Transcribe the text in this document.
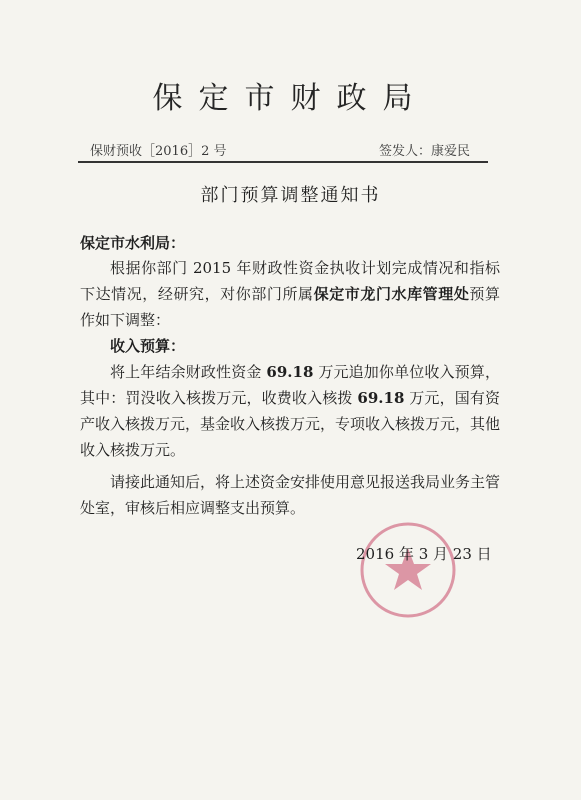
保定市财政局
保财预收［2016］2 号	签发人：康爱民
部门预算调整通知书
保定市水利局：

根据你部门 2015 年财政性资金执收计划完成情况和指标下达情况，经研究，对你部门所属保定市龙门水库管理处预算作如下调整：

收入预算：

将上年结余财政性资金 69.18 万元追加你单位收入预算，其中：罚没收入核拨万元，收费收入核拨 69.18 万元，国有资产收入核拨万元，基金收入核拨万元，专项收入核拨万元，其他收入核拨万元。

请接此通知后，将上述资金安排使用意见报送我局业务主管处室，审核后相应调整支出预算。

2016 年 3 月 23 日
